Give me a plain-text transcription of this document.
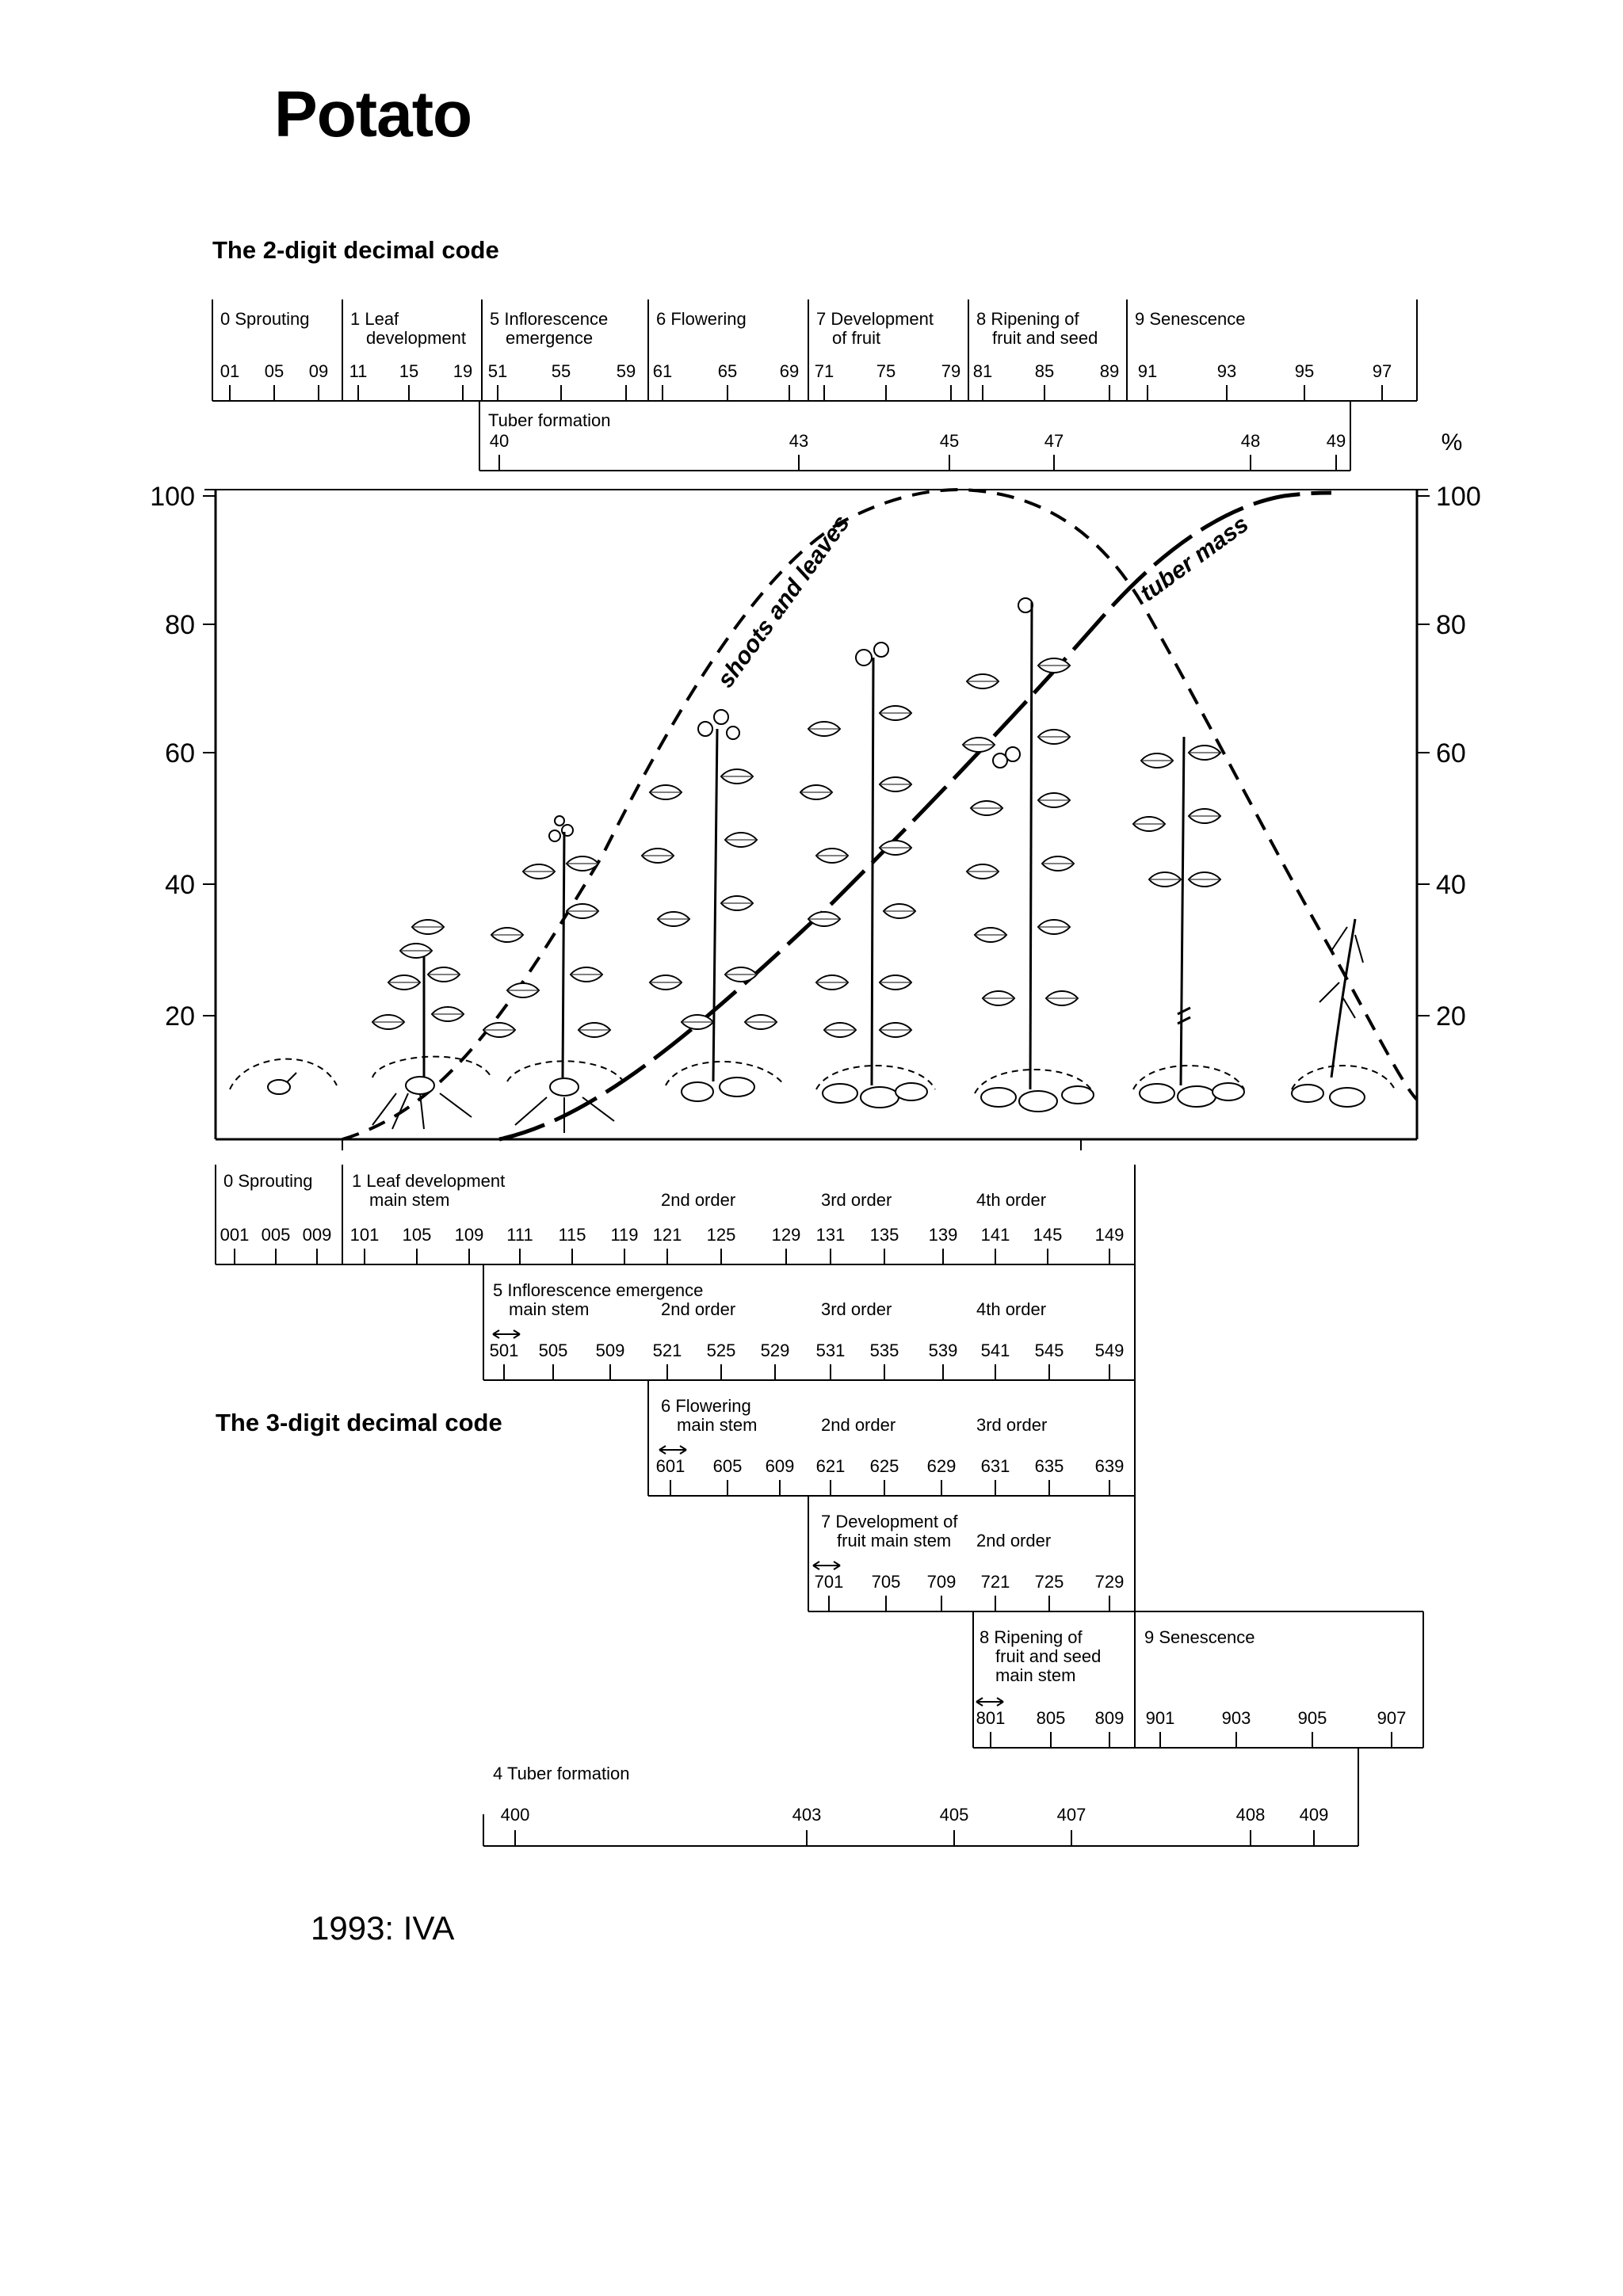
Potato
The 2-digit decimal code
The 3-digit decimal code
1993: IVA
0 Sprouting
01 05 09
1 Leaf
development
11 15 19
5 Inflorescence
emergence
51	55	59
6 Flowering
61	65 69
7 Development
of fruit
71 75	79
8 Ripening of
fruit and seed
81 85	89
9 Senescence
91	93	95	97
Tuber formation
40	43	45	47	48	49	%
100	100
80	80
60	60
40	40
20	20
shoots and leaves	tuber mass
0 Sprouting
001 005 009
1 Leaf development
main stem	2nd order	3rd order	4th order
101 105 109 111 115 119 121 125 129 131 135 139 141 145 149
5 Inflorescence emergence
main stem	2nd order	3rd order	4th order
501 505 509 521 525 529 531 535 539 541 545 549
6 Flowering
main stem	2nd order	3rd order
601 605 609 621 625 629 631 635 639
7 Development of
fruit main stem 2nd order
701 705 709 721 725 729
8 Ripening of
fruit and seed
main stem
9 Senescence
801 805 809 901	903	905	907
4 Tuber formation
400	403	405	407	408 409
